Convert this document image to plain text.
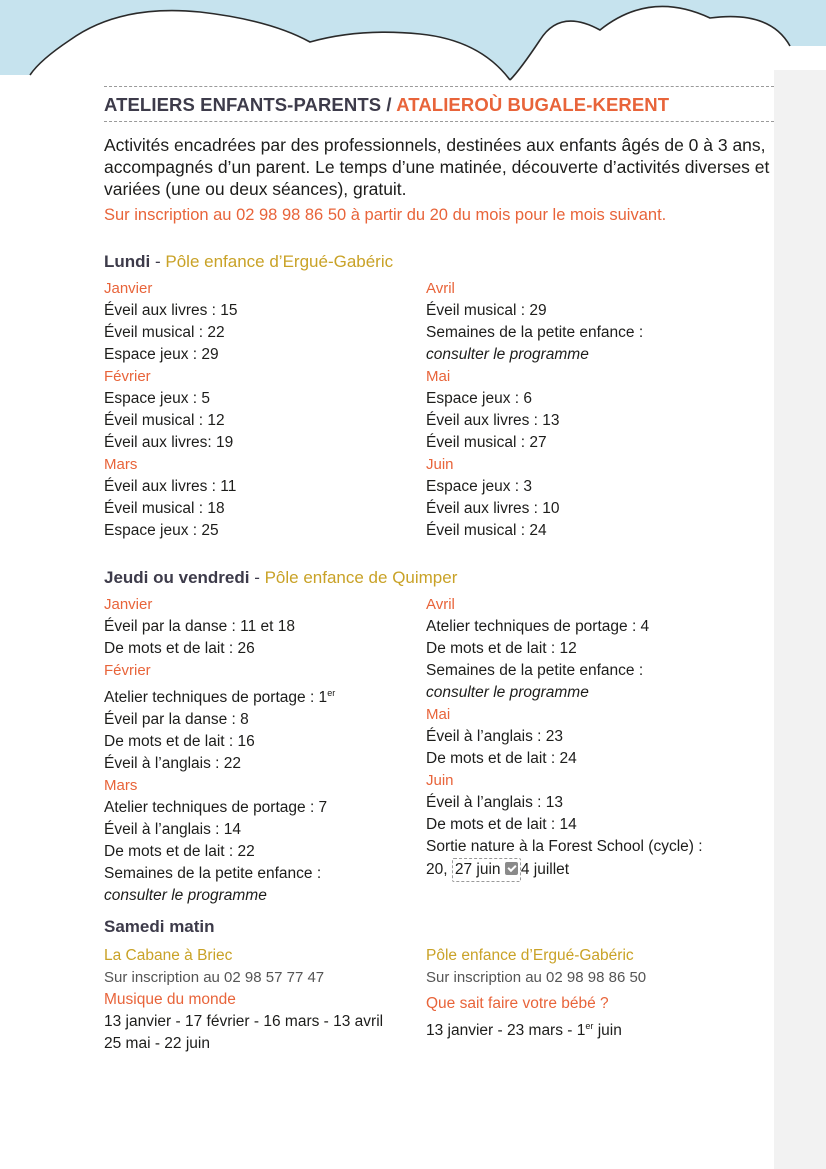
ATELIERS ENFANTS-PARENTS / ATALIEROÙ BUGALE-KERENT
Activités encadrées par des professionnels, destinées aux enfants âgés de 0 à 3 ans, accompagnés d’un parent. Le temps d’une matinée, découverte d’activités diverses et variées (une ou deux séances), gratuit.
Sur inscription au 02 98 98 86 50 à partir du 20 du mois pour le mois suivant.
Lundi - Pôle enfance d’Ergué-Gabéric
Janvier
Éveil aux livres : 15
Éveil musical : 22
Espace jeux : 29
Février
Espace jeux : 5
Éveil musical : 12
Éveil aux livres: 19
Mars
Éveil aux livres : 11
Éveil musical : 18
Espace jeux : 25
Avril
Éveil musical : 29
Semaines de la petite enfance :
consulter le programme
Mai
Espace jeux : 6
Éveil aux livres : 13
Éveil musical : 27
Juin
Espace jeux : 3
Éveil aux livres : 10
Éveil musical : 24
Jeudi ou vendredi - Pôle enfance de Quimper
Janvier
Éveil par la danse : 11 et 18
De mots et de lait : 26
Février
Atelier techniques de portage : 1er
Éveil par la danse : 8
De mots et de lait : 16
Éveil à l’anglais : 22
Mars
Atelier techniques de portage : 7
Éveil à l’anglais : 14
De mots et de lait : 22
Semaines de la petite enfance :
consulter le programme
Avril
Atelier techniques de portage : 4
De mots et de lait : 12
Semaines de la petite enfance :
consulter le programme
Mai
Éveil à l’anglais : 23
De mots et de lait : 24
Juin
Éveil à l’anglais : 13
De mots et de lait : 14
Sortie nature à la Forest School (cycle) :
20, 27 juin 4 juillet
Samedi matin
La Cabane à Briec
Sur inscription au 02 98 57 77 47
Musique du monde
13 janvier - 17 février - 16 mars - 13 avril
25 mai - 22 juin
Pôle enfance d’Ergué-Gabéric
Sur inscription au 02 98 98 86 50
Que sait faire votre bébé ?
13 janvier - 23 mars - 1er juin
